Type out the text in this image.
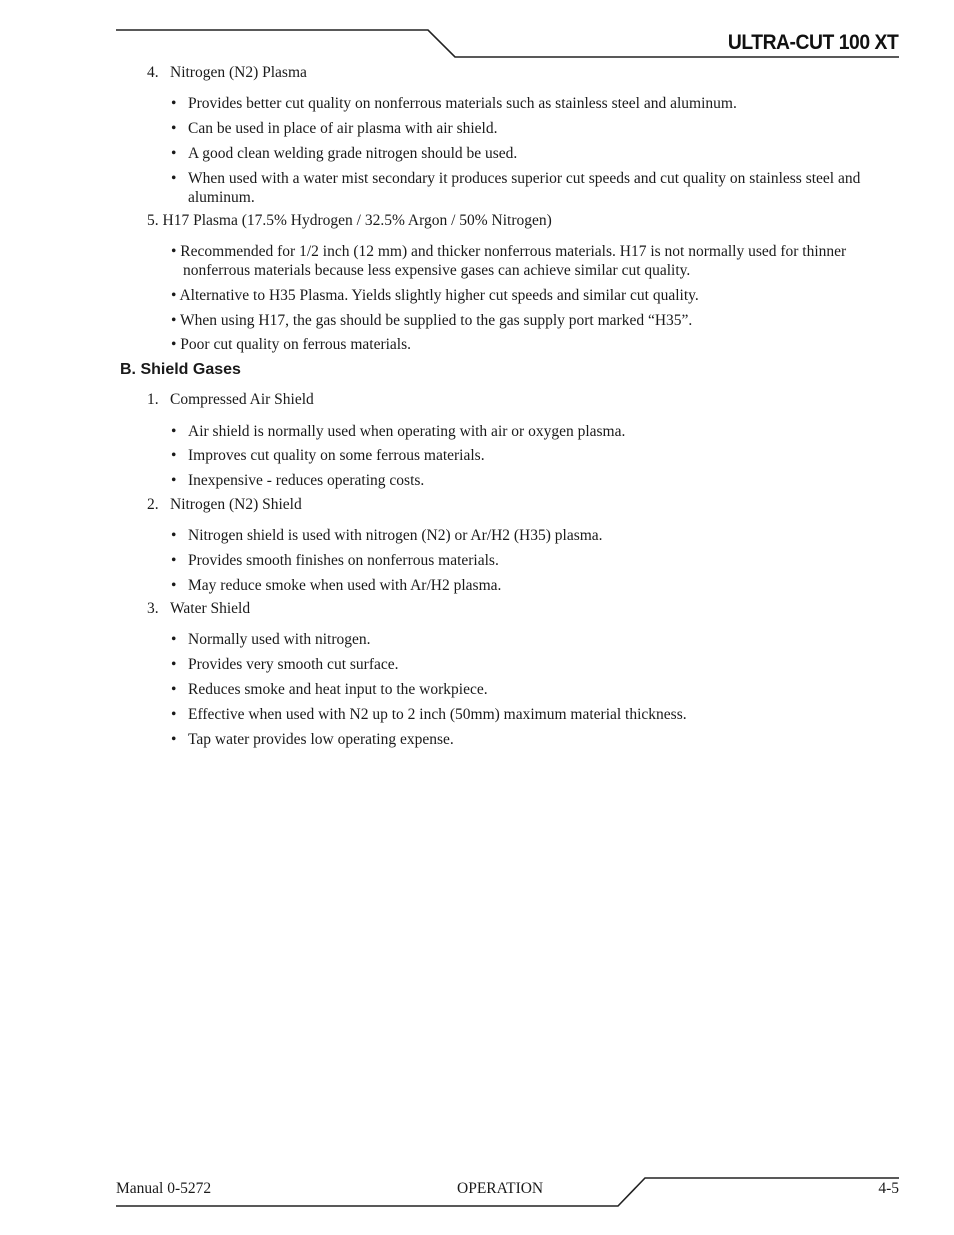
ULTRA-CUT 100 XT
4. Nitrogen (N2) Plasma
• Provides better cut quality on nonferrous materials such as stainless steel and aluminum.
• Can be used in place of air plasma with air shield.
• A good clean welding grade nitrogen should be used.
• When used with a water mist secondary it produces superior cut speeds and cut quality on stainless steel and aluminum.
5. H17 Plasma (17.5% Hydrogen / 32.5% Argon / 50% Nitrogen)
• Recommended for 1/2 inch (12 mm) and thicker nonferrous materials. H17 is not normally used for thinner nonferrous materials because less expensive gases can achieve similar cut quality.
• Alternative to H35 Plasma. Yields slightly higher cut speeds and similar cut quality.
• When using H17, the gas should be supplied to the gas supply port marked “H35”.
• Poor cut quality on ferrous materials.
B. Shield Gases
1. Compressed Air Shield
• Air shield is normally used when operating with air or oxygen plasma.
• Improves cut quality on some ferrous materials.
• Inexpensive - reduces operating costs.
2. Nitrogen (N2) Shield
• Nitrogen shield is used with nitrogen (N2) or Ar/H2 (H35) plasma.
• Provides smooth finishes on nonferrous materials.
• May reduce smoke when used with Ar/H2 plasma.
3. Water Shield
• Normally used with nitrogen.
• Provides very smooth cut surface.
• Reduces smoke and heat input to the workpiece.
• Effective when used with N2 up to 2 inch (50mm) maximum material thickness.
• Tap water provides low operating expense.
Manual 0-5272	OPERATION	4-5
